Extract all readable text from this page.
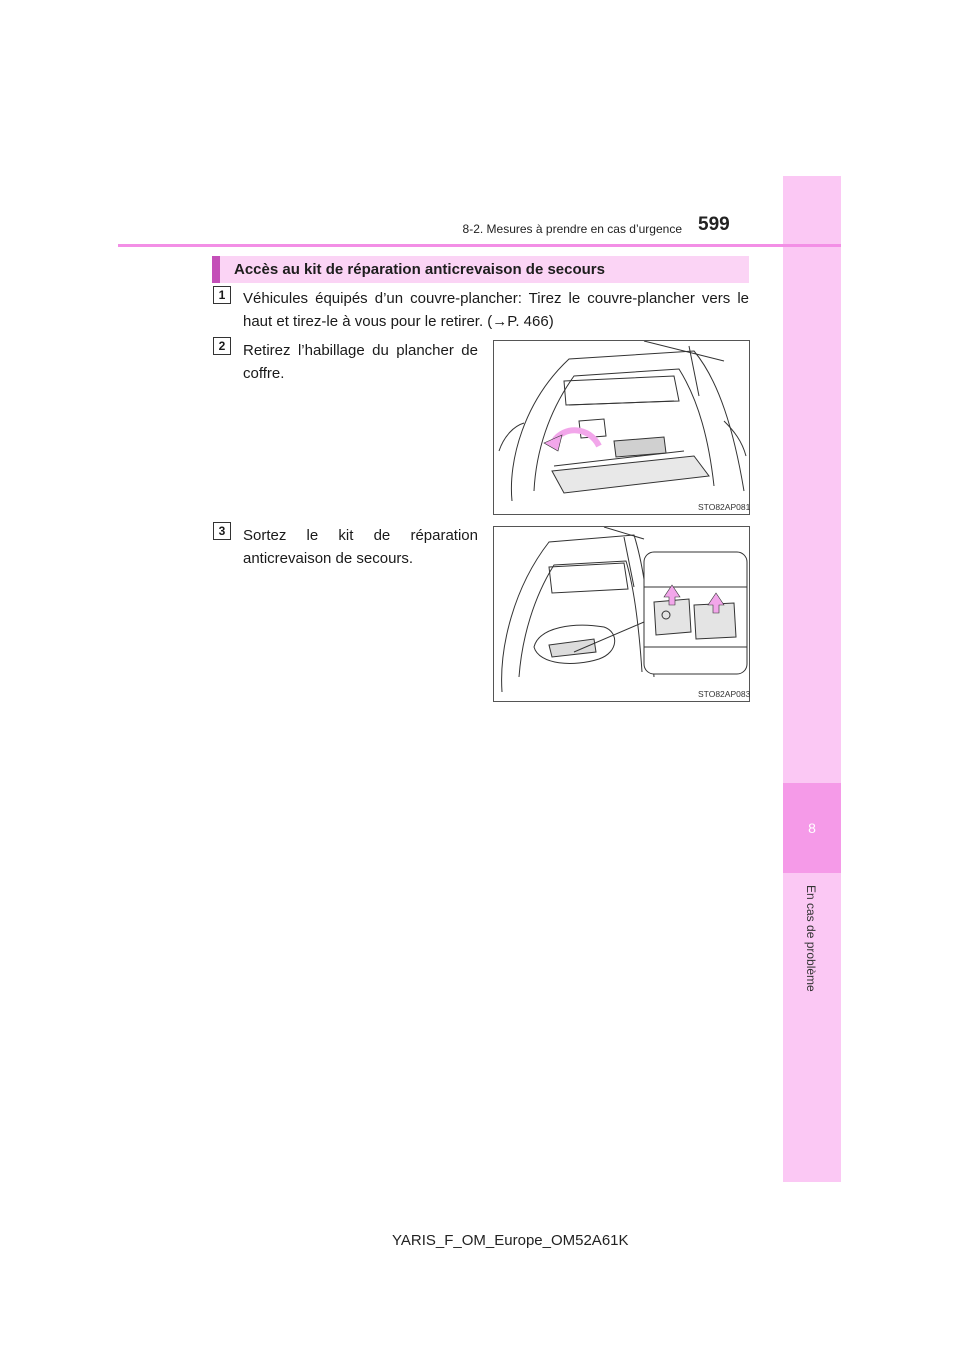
8
En cas de problème
8-2. Mesures à prendre en cas d’urgence 599
Accès au kit de réparation anticrevaison de secours
1	Véhicules équipés d’un couvre-plancher: Tirez le couvre-plancher vers le haut et tirez-le à vous pour le retirer. (→P. 466)
2	Retirez l’habillage du plancher de coffre.
STO82AP081
3	Sortez le kit de réparation anticrevaison de secours.
STO82AP083
YARIS_F_OM_Europe_OM52A61K
